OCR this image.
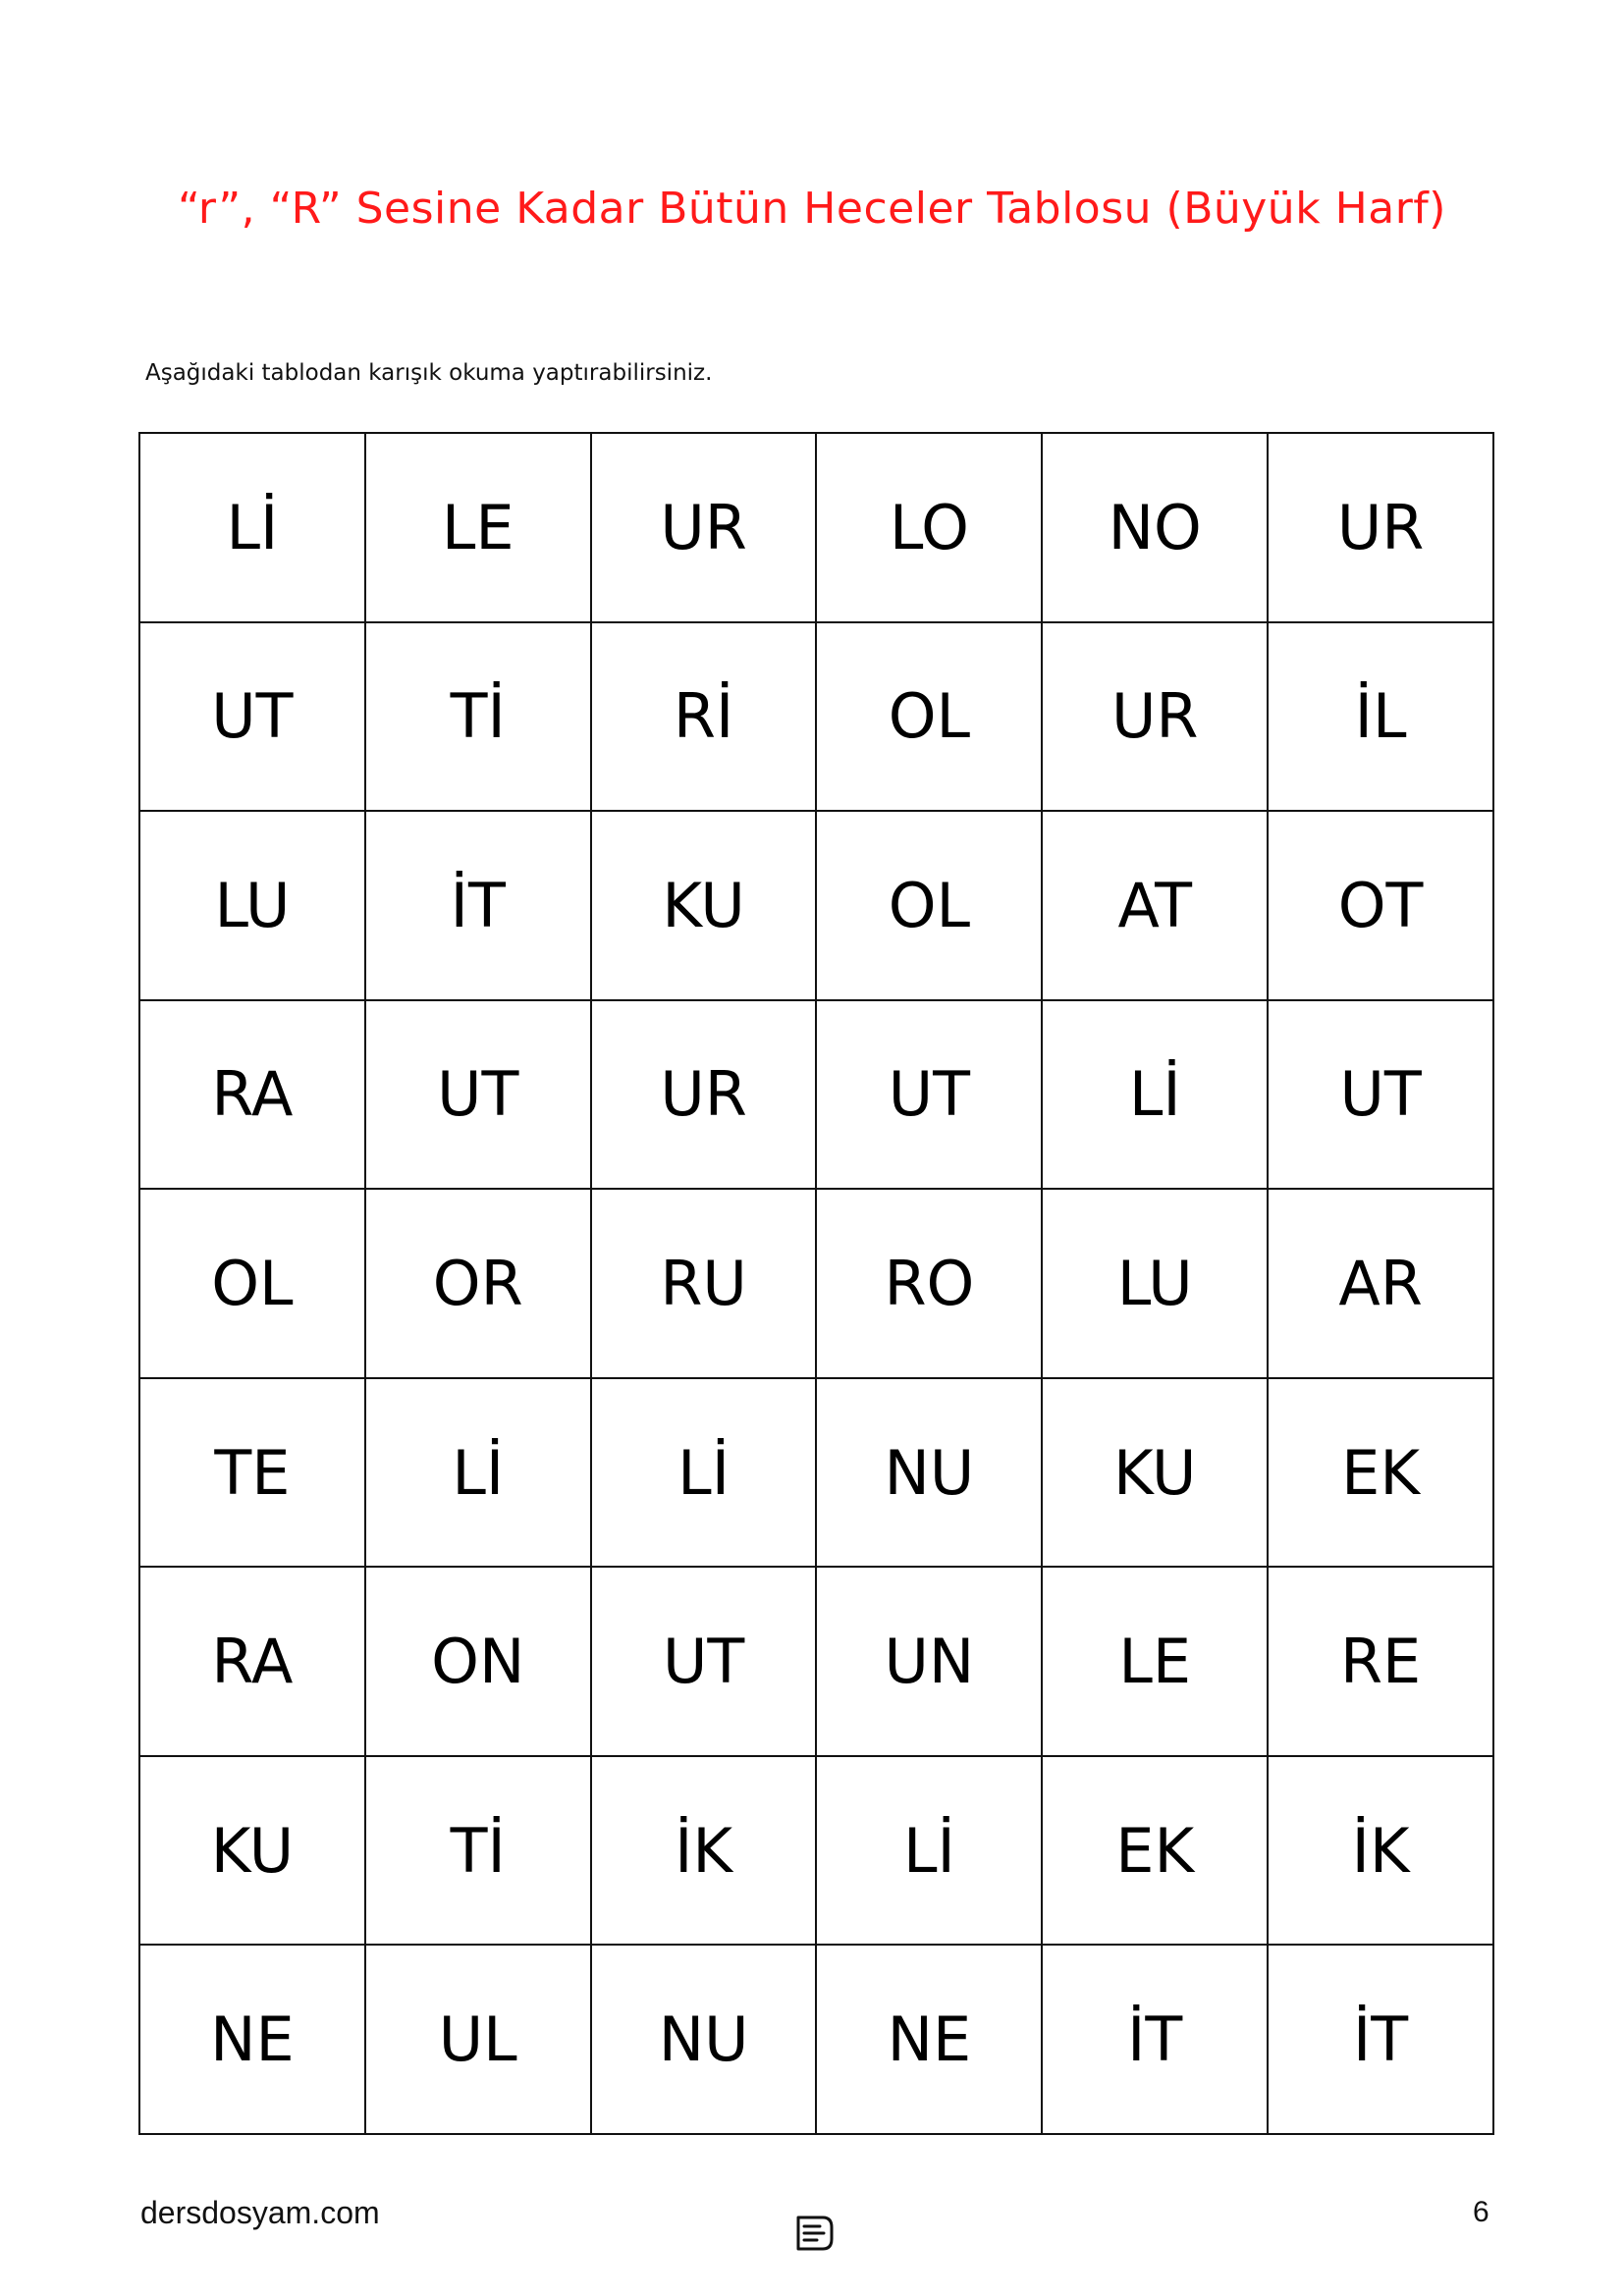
“r”, “R” Sesine Kadar Bütün Heceler Tablosu (Büyük Harf)
Aşağıdaki tablodan karışık okuma yaptırabilirsiniz.
Lİ	LE	UR	LO	NO	UR
UT	Tİ	Rİ	OL	UR	İL
LU	İT	KU	OL	AT	OT
RA	UT	UR	UT	Lİ	UT
OL	OR	RU	RO	LU	AR
TE	Lİ	Lİ	NU	KU	EK
RA	ON	UT	UN	LE	RE
KU	Tİ	İK	Lİ	EK	İK
NE	UL	NU	NE	İT	İT
dersdosyam.com	6
